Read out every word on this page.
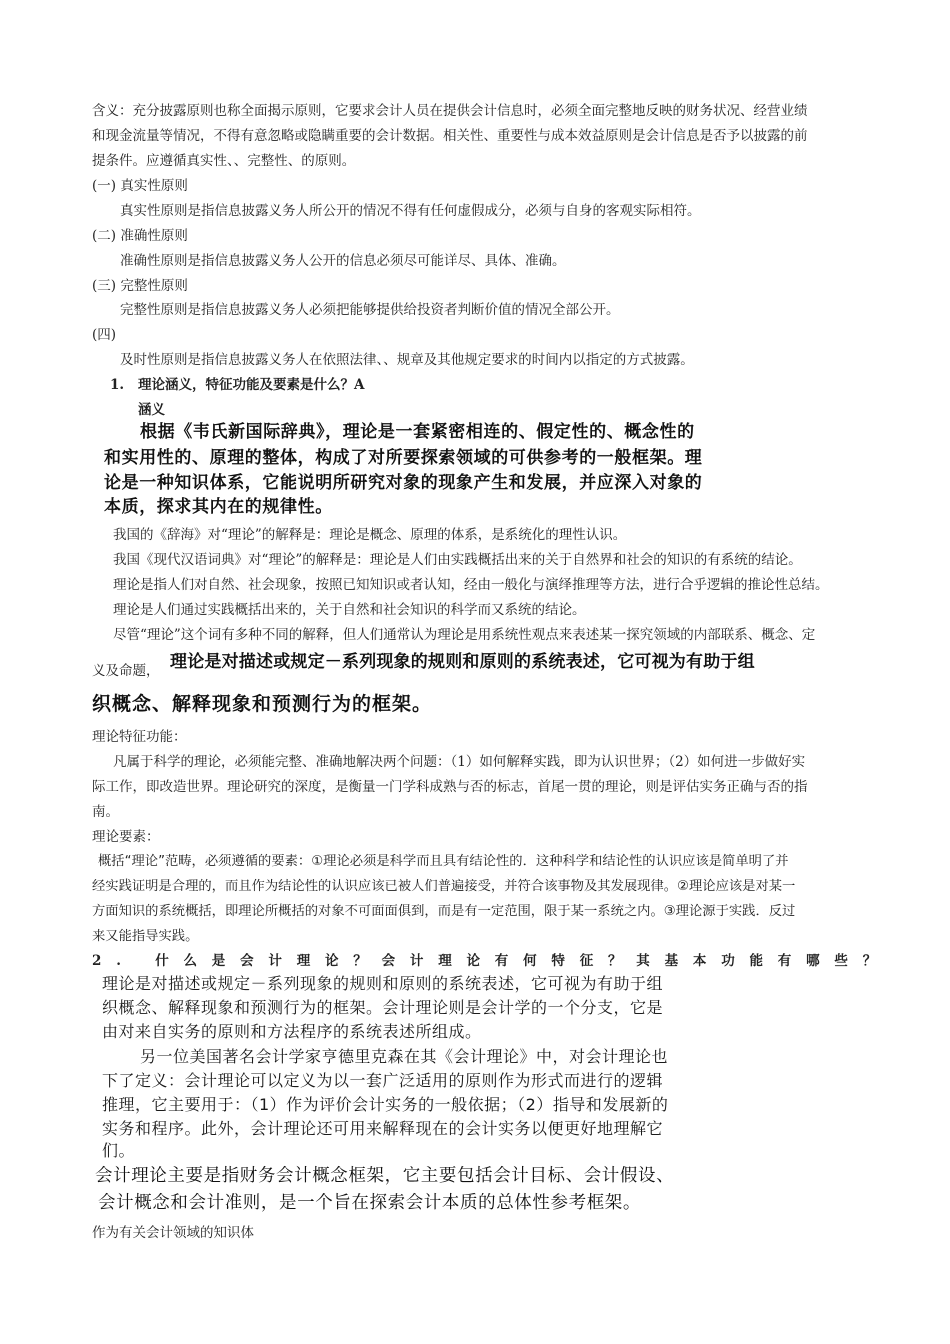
含义：充分披露原则也称全面揭示原则，它要求会计人员在提供会计信息时，必须全面完整地反映的财务状况、经营业绩
和现金流量等情况，不得有意忽略或隐瞒重要的会计数据。相关性、重要性与成本效益原则是会计信息是否予以披露的前
提条件。应遵循真实性、、完整性、的原则。
(一) 真实性原则
真实性原则是指信息披露义务人所公开的情况不得有任何虚假成分，必须与自身的客观实际相符。
(二) 准确性原则
准确性原则是指信息披露义务人公开的信息必须尽可能详尽、具体、准确。
(三) 完整性原则
完整性原则是指信息披露义务人必须把能够提供给投资者判断价值的情况全部公开。
(四)
及时性原则是指信息披露义务人在依照法律、、规章及其他规定要求的时间内以指定的方式披露。
1. 理论涵义，特征功能及要素是什么？A
涵义
根据《韦氏新国际辞典》，理论是一套紧密相连的、假定性的、概念性的
和实用性的、原理的整体，构成了对所要探索领域的可供参考的一般框架。理
论是一种知识体系，它能说明所研究对象的现象产生和发展，并应深入对象的
本质，探求其内在的规律性。
我国的《辞海》对“理论”的解释是：理论是概念、原理的体系，是系统化的理性认识。
我国《现代汉语词典》对“理论”的解释是：理论是人们由实践概括出来的关于自然界和社会的知识的有系统的结论。
理论是指人们对自然、社会现象，按照已知知识或者认知，经由一般化与演绎推理等方法，进行合乎逻辑的推论性总结。
理论是人们通过实践概括出来的，关于自然和社会知识的科学而又系统的结论。
尽管“理论”这个词有多种不同的解释，但人们通常认为理论是用系统性观点来表述某一探究领域的内部联系、概念、定
义及命题， 理论是对描述或规定－系列现象的规则和原则的系统表述，它可视为有助于组
织概念、解释现象和预测行为的框架。
理论特征功能：
凡属于科学的理论，必须能完整、准确地解决两个问题：（1）如何解释实践，即为认识世界；（2）如何进一步做好实
际工作，即改造世界。理论研究的深度，是衡量一门学科成熟与否的标志，首尾一贯的理论，则是评估实务正确与否的指
南。
理论要素：
概括“理论”范畴，必须遵循的要素：①理论必须是科学而且具有结论性的．这种科学和结论性的认识应该是简单明了并
经实践证明是合理的，而且作为结论性的认识应该已被人们普遍接受，并符合该事物及其发展现律。②理论应该是对某一
方面知识的系统概括，即理论所概括的对象不可面面俱到，而是有一定范围，限于某一系统之内。③理论源于实践．反过
来又能指导实践。
2. 什么是会计理论？会计理论有何特征？其基本功能有哪些？
理论是对描述或规定－系列现象的规则和原则的系统表述，它可视为有助于组
织概念、解释现象和预测行为的框架。会计理论则是会计学的一个分支，它是
由对来自实务的原则和方法程序的系统表述所组成。
另一位美国著名会计学家亨德里克森在其《会计理论》中，对会计理论也
下了定义：会计理论可以定义为以一套广泛适用的原则作为形式而进行的逻辑
推理，它主要用于：（1）作为评价会计实务的一般依据；（2）指导和发展新的
实务和程序。此外，会计理论还可用来解释现在的会计实务以便更好地理解它
们。
会计理论主要是指财务会计概念框架，它主要包括会计目标、会计假设、
会计概念和会计准则，是一个旨在探索会计本质的总体性参考框架。
作为有关会计领域的知识体
